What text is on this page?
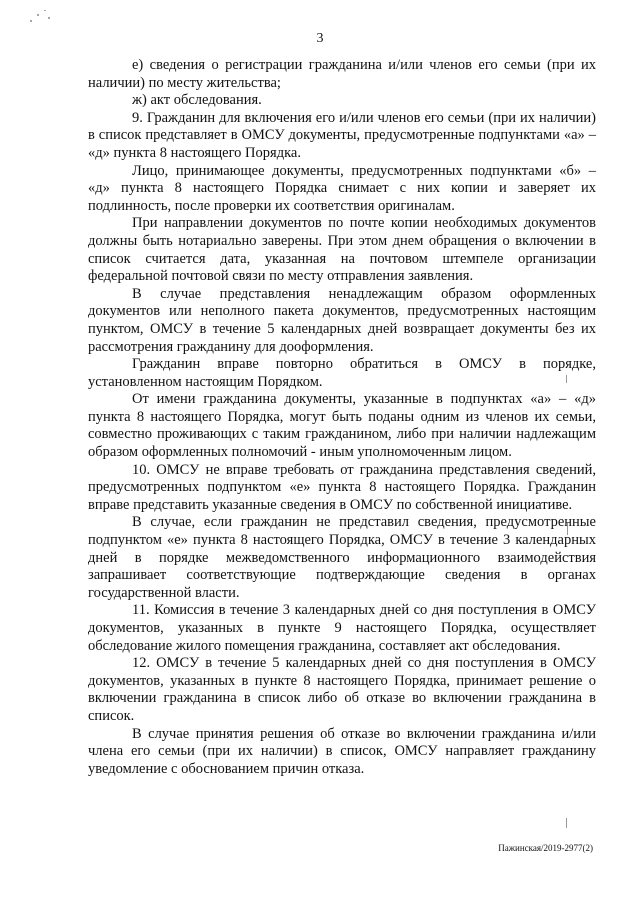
3

е) сведения о регистрации гражданина и/или членов его семьи (при их наличии) по месту жительства;

ж) акт обследования.

9. Гражданин для включения его и/или членов его семьи (при их наличии) в список представляет в ОМСУ документы, предусмотренные подпунктами «а» – «д» пункта 8 настоящего Порядка.

Лицо, принимающее документы, предусмотренных подпунктами «б» – «д» пункта 8 настоящего Порядка снимает с них копии и заверяет их подлинность, после проверки их соответствия оригиналам.

При направлении документов по почте копии необходимых документов должны быть нотариально заверены. При этом днем обращения о включении в список считается дата, указанная на почтовом штемпеле организации федеральной почтовой связи по месту отправления заявления.

В случае представления ненадлежащим образом оформленных документов или неполного пакета документов, предусмотренных настоящим пунктом, ОМСУ в течение 5 календарных дней возвращает документы без их рассмотрения гражданину для дооформления.

Гражданин вправе повторно обратиться в ОМСУ в порядке, установленном настоящим Порядком.

От имени гражданина документы, указанные в подпунктах «а» – «д» пункта 8 настоящего Порядка, могут быть поданы одним из членов их семьи, совместно проживающих с таким гражданином, либо при наличии надлежащим образом оформленных полномочий - иным уполномоченным лицом.

10. ОМСУ не вправе требовать от гражданина представления сведений, предусмотренных подпунктом «е» пункта 8 настоящего Порядка. Гражданин вправе представить указанные сведения в ОМСУ по собственной инициативе.

В случае, если гражданин не представил сведения, предусмотренные подпунктом «е» пункта 8 настоящего Порядка, ОМСУ в течение 3 календарных дней в порядке межведомственного информационного взаимодействия запрашивает соответствующие подтверждающие сведения в органах государственной власти.

11. Комиссия в течение 3 календарных дней со дня поступления в ОМСУ документов, указанных в пункте 9 настоящего Порядка, осуществляет обследование жилого помещения гражданина, составляет акт обследования.

12. ОМСУ в течение 5 календарных дней со дня поступления в ОМСУ документов, указанных в пункте 8 настоящего Порядка, принимает решение о включении гражданина в список либо об отказе во включении гражданина в список.

В случае принятия решения об отказе во включении гражданина и/или члена его семьи (при их наличии) в список, ОМСУ направляет гражданину уведомление с обоснованием причин отказа.

Пажинская/2019-2977(2)
